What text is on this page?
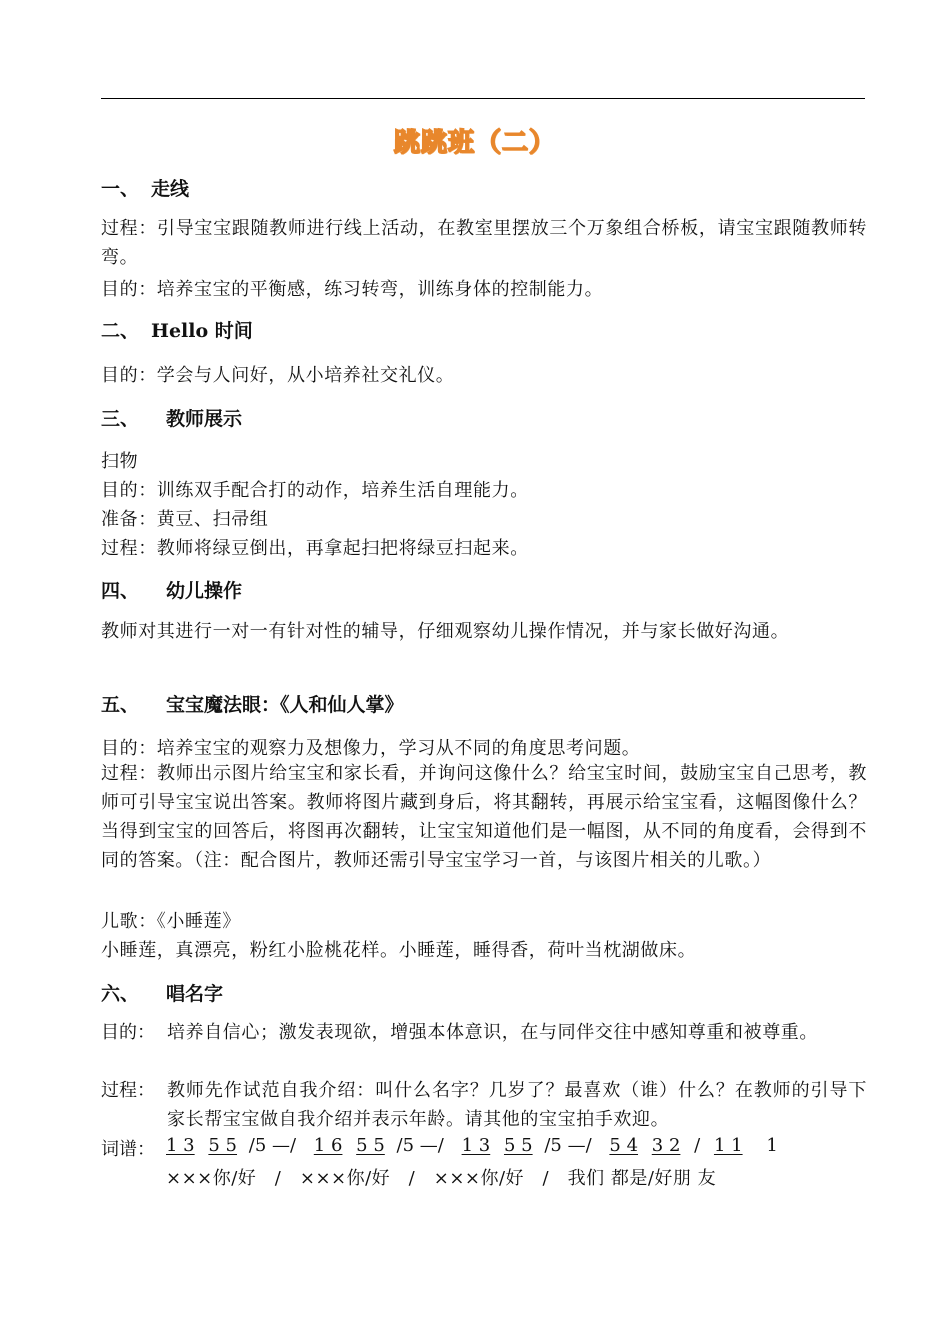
跳跳班（二）
一、 走线
过程：引导宝宝跟随教师进行线上活动，在教室里摆放三个万象组合桥板，请宝宝跟随教师转弯。
目的：培养宝宝的平衡感，练习转弯，训练身体的控制能力。
二、 Hello 时间
目的：学会与人问好，从小培养社交礼仪。
三、 教师展示
扫物
目的：训练双手配合打的动作，培养生活自理能力。
准备：黄豆、扫帚组
过程：教师将绿豆倒出，再拿起扫把将绿豆扫起来。
四、 幼儿操作
教师对其进行一对一有针对性的辅导，仔细观察幼儿操作情况，并与家长做好沟通。
五、 宝宝魔法眼：《人和仙人掌》
目的：培养宝宝的观察力及想像力，学习从不同的角度思考问题。
过程：教师出示图片给宝宝和家长看，并询问这像什么？给宝宝时间，鼓励宝宝自己思考，教师可引导宝宝说出答案。教师将图片藏到身后，将其翻转，再展示给宝宝看，这幅图像什么？当得到宝宝的回答后，将图再次翻转，让宝宝知道他们是一幅图，从不同的角度看，会得到不同的答案。（注：配合图片，教师还需引导宝宝学习一首，与该图片相关的儿歌。）
儿歌：《小睡莲》
小睡莲，真漂亮，粉红小脸桃花样。小睡莲，睡得香，荷叶当枕湖做床。
六、 唱名字
目的： 培养自信心；激发表现欲，增强本体意识，在与同伴交往中感知尊重和被尊重。
过程： 教师先作试范自我介绍：叫什么名字？几岁了？最喜欢（谁）什么？在教师的引导下家长帮宝宝做自我介绍并表示年龄。请其他的宝宝拍手欢迎。
词谱： 1 3 5 5 /5 —/ 1 6 5 5 /5 —/ 1 3 5 5 /5 —/ 5 4 3 2 / 1 1 1
×××你/好　/　×××你/好　/　×××你/好　/　我们 都是/好朋 友
